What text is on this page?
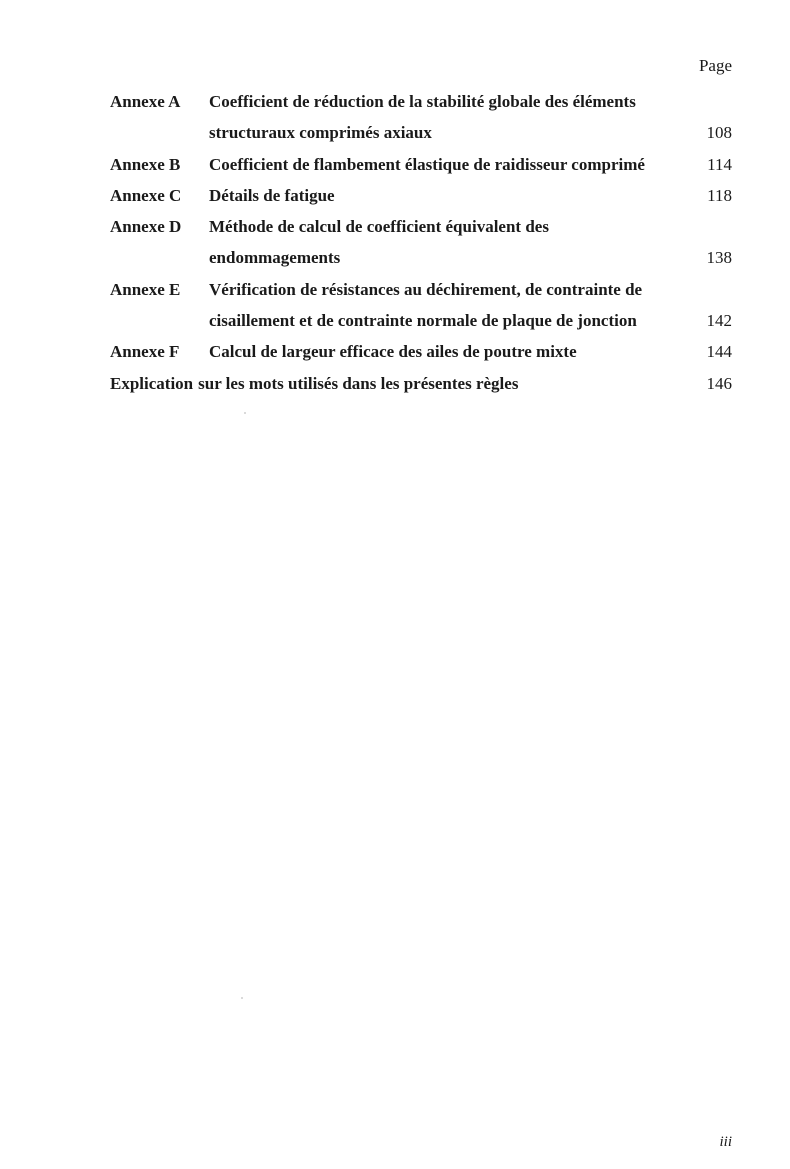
Page
Annexe A	Coefficient de réduction de la stabilité globale des éléments
structuraux comprimés axiaux	108
Annexe B	Coefficient de flambement élastique de raidisseur comprimé	114
Annexe C	Détails de fatigue	118
Annexe D	Méthode de calcul de coefficient équivalent des
endommagements	138
Annexe E	Vérification de résistances au déchirement, de contrainte de
cisaillement et de contrainte normale de plaque de jonction	142
Annexe F	Calcul de largeur efficace des ailes de poutre mixte	144
Explication sur les mots utilisés dans les présentes règles	146
iii
